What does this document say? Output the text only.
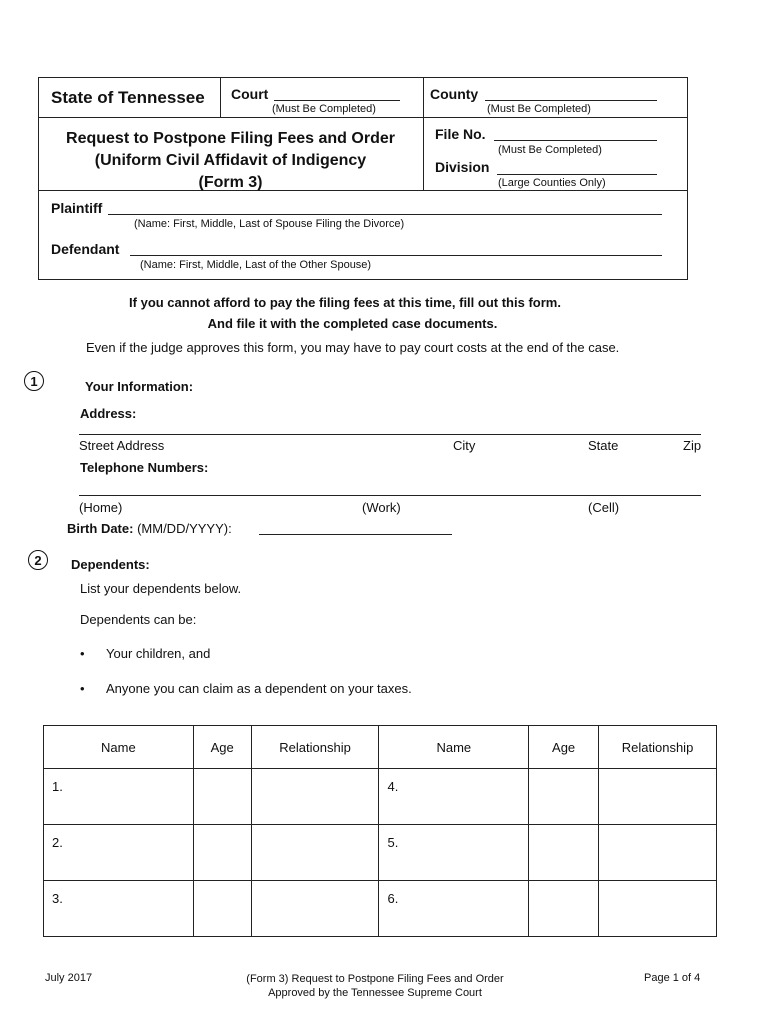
State of Tennessee Court
(Must Be Completed)
County
(Must Be Completed)
Request to Postpone Filing Fees and Order
(Uniform Civil Affidavit of Indigency
(Form 3)
File No.
(Must Be Completed)
Division
(Large Counties Only)
Plaintiff
(Name: First, Middle, Last of Spouse Filing the Divorce)
Defendant
(Name: First, Middle, Last of the Other Spouse)
If you cannot afford to pay the filing fees at this time, fill out this form.
And file it with the completed case documents.
Even if the judge approves this form, you may have to pay court costs at the end of the case.
1	Your Information:
Address:
Street Address	City	State	Zip
Telephone Numbers:
(Home)	(Work)	(Cell)
Birth Date: (MM/DD/YYYY):
2	Dependents:
List your dependents below.
Dependents can be:
• Your children, and
• Anyone you can claim as a dependent on your taxes.
Name	Age	Relationship	Name	Age	Relationship
1.			4.		
2.			5.		
3.			6.		
July 2017	(Form 3) Request to Postpone Filing Fees and Order
Approved by the Tennessee Supreme Court
Page 1 of 4
